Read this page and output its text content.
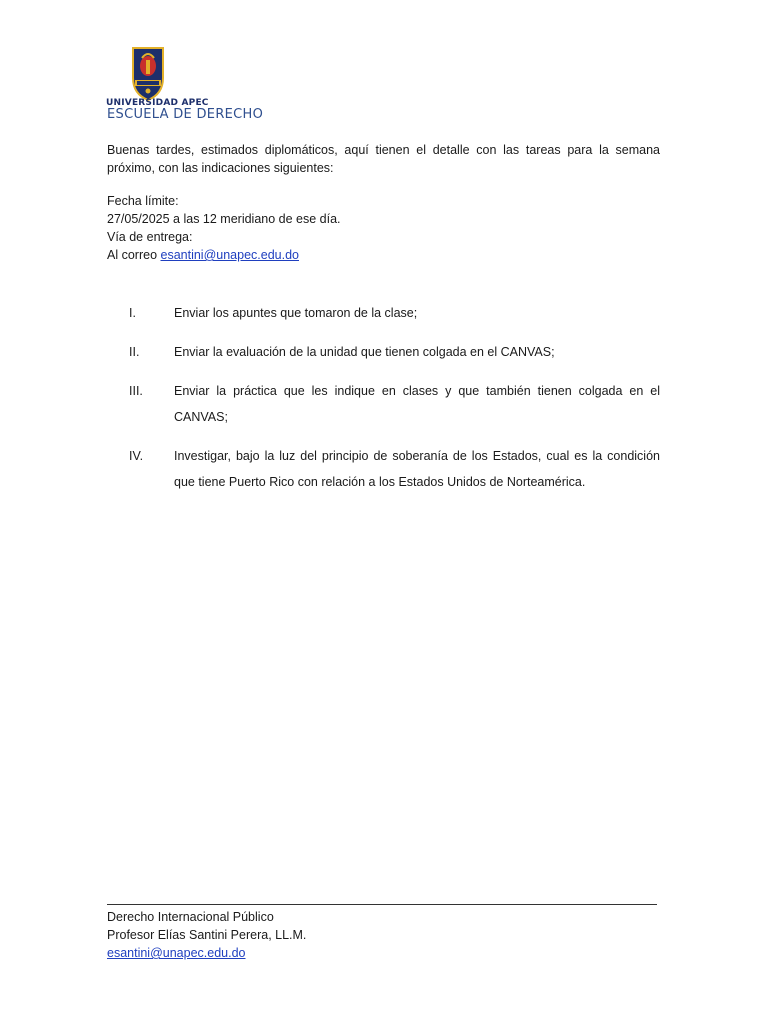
UNIVERSIDAD APEC
ESCUELA DE DERECHO
Buenas tardes, estimados diplomáticos, aquí tienen el detalle con las tareas para la semana próximo, con las indicaciones siguientes:
Fecha límite:
27/05/2025 a las 12 meridiano de ese día.
Vía de entrega:
Al correo esantini@unapec.edu.do
I.	Enviar los apuntes que tomaron de la clase;
II.	Enviar la evaluación de la unidad que tienen colgada en el CANVAS;
III.	Enviar la práctica que les indique en clases y que también tienen colgada en el CANVAS;
IV.	Investigar, bajo la luz del principio de soberanía de los Estados, cual es la condición que tiene Puerto Rico con relación a los Estados Unidos de Norteamérica.
Derecho Internacional Público
Profesor Elías Santini Perera, LL.M.
esantini@unapec.edu.do
